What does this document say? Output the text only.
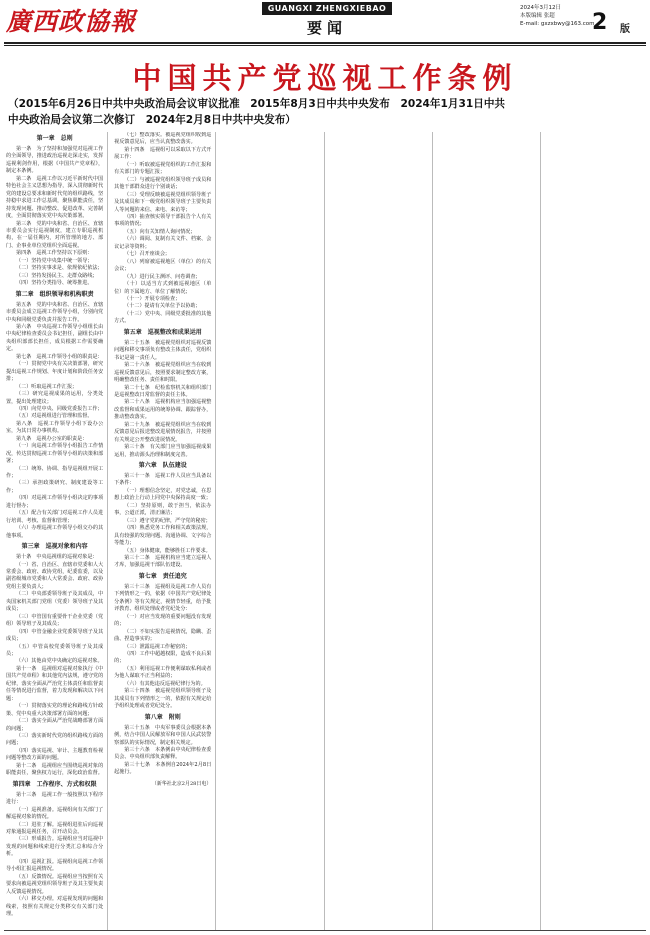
廣西政協報	GUANGXI ZHENGXIEBAO
要闻
2024年3月12日
本版编辑 张超
E-mail: gxzxbwy@163.com
2 版
中国共产党巡视工作条例
（2015年6月26日中共中央政治局会议审议批准　2015年8月3日中共中央发布　2024年1月31日中共
中央政治局会议第二次修订　2024年2月8日中共中央发布）
第一章　总则

第一条　为了坚持和加强党对巡视工作的全面领导，推进政治巡视走深走实，发挥巡视利剑作用，根据《中国共产党章程》，制定本条例。

第二条　巡视工作以习近平新时代中国特色社会主义思想为指导，深入贯彻新时代党的建设总要求和新时代党的组织路线，坚持稳中求进工作总基调，聚焦职能责任，坚持发现问题、推动整改、促进改革、完善制度，全面贯彻落实党中央决策部署。

第三条　党的中央和省、自治区、直辖市委员会实行巡视制度，建立专职巡视机构，在一届任期内，对所管理的地方、部门、企事业单位党组织全面巡视。

第四条　巡视工作坚持以下原则：

（一）坚持党中央集中统一领导；

（二）坚持实事求是、依规依纪依法；

（三）坚持发扬民主、走群众路线；

（四）坚持分类指导、统筹推进。

第二章　组织领导和机构职责

第五条　党的中央和省、自治区、直辖市委员会成立巡视工作领导小组，分别向党中央和同级党委负责并报告工作。

第六条　中央巡视工作领导小组组长由中央纪律检查委员会书记担任，副组长由中央组织部部长担任，成员根据工作需要确定。

第七条　巡视工作领导小组的职责是：

（一）贯彻党中央有关决策部署，研究提出巡视工作规划、年度计划和阶段任务安排；

（二）听取巡视工作汇报；

（三）研究巡视成果的运用，分类处置，提出处理建议；

（四）向党中央、同级党委报告工作；

（五）对巡视组进行管理和监督。

第八条　巡视工作领导小组下设办公室，为其日常办事机构。

第九条　巡视办公室的职责是：

（一）向巡视工作领导小组报告工作情况，传达贯彻巡视工作领导小组的决策和部署；

（二）统筹、协调、指导巡视组开展工作；

（三）承担政策研究、制度建设等工作；

（四）对巡视工作领导小组决定的事项进行督办；

（五）配合有关部门对巡视工作人员进行培训、考核、监督和管理；

（六）办理巡视工作领导小组交办的其他事项。

第三章　巡视对象和内容

第十条　中央巡视组的巡视对象是：

（一）省、自治区、直辖市党委和人大常委会、政府、政协党组，纪委监委，以及副省级城市党委和人大常委会、政府、政协党组主要负责人；

（二）中央部委领导班子及其成员，中央国家机关部门党组（党委）领导班子及其成员；

（三）中管国有重要骨干企业党委（党组）领导班子及其成员；

（四）中管金融企业党委领导班子及其成员；

（五）中管高校党委领导班子及其成员；

（六）其他由党中央确定的巡视对象。

第十一条　巡视组对巡视对象执行《中国共产党章程》和其他党内法规，遵守党的纪律，落实全面从严治党主体责任和监督责任等情况进行监督，着力发现和解决以下问题：

（一）贯彻落实党的理论和路线方针政策、党中央重大决策部署方面的问题；

（二）落实全面从严治党战略部署方面的问题；

（三）落实新时代党的组织路线方面的问题；

（四）落实巡视、审计、主题教育检视问题等整改方面的问题。

第十二条　巡视组应当围绕巡视对象的职能责任，聚焦权力运行，深化政治监督。

第四章　工作程序、方式和权限

第十三条　巡视工作一般按照以下程序进行：

（一）巡视准备。巡视组向有关部门了解巡视对象的情况。

（二）进驻了解。巡视组进驻后向巡视对象通报巡视任务，召开动员会。

（三）形成报告。巡视组应当对巡视中发现的问题和线索进行分类汇总和综合分析。

（四）巡视汇报。巡视组向巡视工作领导小组汇报巡视情况。

（五）反馈情况。巡视组应当按照有关要求向被巡视党组织领导班子及其主要负责人反馈巡视情况。

（六）移交办理。对巡视发现的问题和线索，按照有关规定分类移交有关部门处理。

（七）整改落实。被巡视党组织收到巡视反馈意见后，应当认真整改落实。

第十四条　巡视组可以采取以下方式开展工作：

（一）听取被巡视党组织的工作汇报和有关部门的专题汇报；

（二）与被巡视党组织领导班子成员和其他干部群众进行个别谈话；

（三）受理反映被巡视党组织领导班子及其成员和下一级党组织领导班子主要负责人等问题的来信、来电、来访等；

（四）抽查核实领导干部报告个人有关事项的情况；

（五）向有关知情人询问情况；

（六）调阅、复制有关文件、档案、会议记录等资料；

（七）召开座谈会；

（八）列席被巡视地区（单位）的有关会议；

（九）进行民主测评、问卷调查；

（十）以适当方式到被巡视地区（单位）的下属地方、单位了解情况；

（十一）开展专项检查；

（十二）提请有关单位予以协助；

（十三）党中央、同级党委批准的其他方式。

第五章　巡视整改和成果运用

第二十五条　被巡视党组织对巡视反馈问题和移交事项负有整改主体责任，党组织书记是第一责任人。

第二十六条　被巡视党组织应当在收到巡视反馈意见后，按照要求制定整改方案，明确整改任务、责任和时限。

第二十七条　纪检监察机关和组织部门是巡视整改日常监督的责任主体。

第二十八条　巡视机构应当加强巡视整改监督和成果运用的统筹协调、跟踪督办，推动整改落实。

第二十九条　被巡视党组织应当在收到反馈意见后报送整改进展情况报告，并按照有关规定公开整改进展情况。

第三十条　有关部门应当加强巡视成果运用，推动源头治理和制度完善。

第六章　队伍建设

第三十一条　巡视工作人员应当具备以下条件：

（一）理想信念坚定，对党忠诚，在思想上政治上行动上同党中央保持高度一致；

（二）坚持原则，敢于担当，依法办事，公道正派，清正廉洁；

（三）遵守党的纪律，严守党的秘密；

（四）熟悉党务工作和相关政策法规，具有较强的发现问题、沟通协调、文字综合等能力；

（五）身体健康，能够胜任工作要求。

第三十二条　巡视机构应当建立巡视人才库，加强巡视干部队伍建设。

第七章　责任追究

第三十三条　巡视组及巡视工作人员有下列情形之一的，依据《中国共产党纪律处分条例》等有关规定，视情节轻重，给予批评教育、组织处理或者党纪处分：

（一）对应当发现的重要问题没有发现的；

（二）不如实报告巡视情况，隐瞒、歪曲、捏造事实的；

（三）泄露巡视工作秘密的；

（四）工作中超越权限，造成不良后果的；

（五）利用巡视工作便利谋取私利或者为他人谋取不正当利益的；

（六）有其他违反巡视纪律行为的。

第三十四条　被巡视党组织领导班子及其成员有下列情形之一的，依据有关规定给予组织处理或者党纪处分。

第八章　附则

第三十五条　中央军事委员会根据本条例，结合中国人民解放军和中国人民武装警察部队的实际情况，制定相关规定。

第三十六条　本条例由中央纪律检查委员会、中央组织部负责解释。

第三十七条　本条例自2024年2月8日起施行。

（新华社北京2月28日电）
